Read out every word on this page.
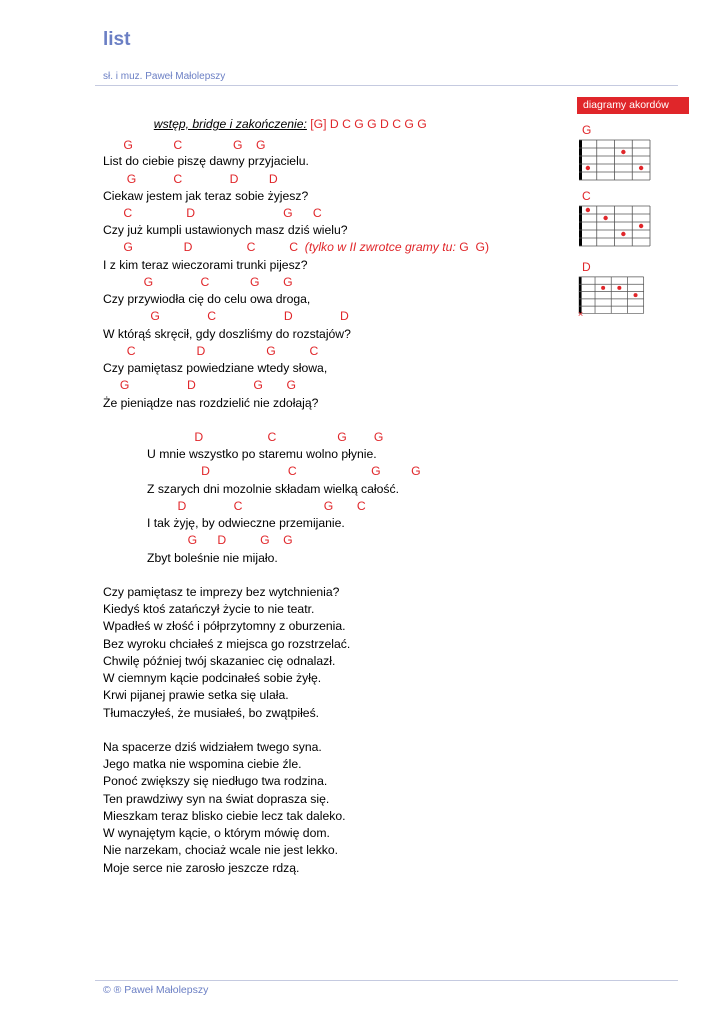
list
sł. i muz. Paweł Małolepszy

wstęp, bridge i zakończenie: [G] D C G G D C G G

G            C               G    G
List do ciebie piszę dawny przyjacielu.
G           C              D         D
Ciekaw jestem jak teraz sobie żyjesz?
C                D                          G      C
Czy już kumpli ustawionych masz dziś wielu?
G               D                C          C  (tylko w II zwrotce gramy tu: G  G)
I z kim teraz wieczorami trunki pijesz?
G              C            G       G
Czy przywiodła cię do celu owa droga,
G              C                    D              D
W którąś skręcił, gdy doszliśmy do rozstajów?
C                  D                  G          C
Czy pamiętasz powiedziane wtedy słowa,
G                 D                 G       G
Że pieniądze nas rozdzielić nie zdołają?
D                   C                  G        G
U mnie wszystko po staremu wolno płynie.
D                       C                      G         G
Z szarych dni mozolnie składam wielką całość.
D              C                        G       C
I tak żyję, by odwieczne przemijanie.
G      D          G    G
Zbyt boleśnie nie mijało.
Czy pamiętasz te imprezy bez wytchnienia?
Kiedyś ktoś zatańczył życie to nie teatr.
Wpadłeś w złość i półprzytomny z oburzenia.
Bez wyroku chciałeś z miejsca go rozstrzelać.
Chwilę później twój skazaniec cię odnalazł.
W ciemnym kącie podcinałeś sobie żyłę.
Krwi pijanej prawie setka się ulała.
Tłumaczyłeś, że musiałeś, bo zwątpiłeś.
Na spacerze dziś widziałem twego syna.
Jego matka nie wspomina ciebie źle.
Ponoć zwiększy się niedługo twa rodzina.
Ten prawdziwy syn na świat doprasza się.
Mieszkam teraz blisko ciebie lecz tak daleko.
W wynajętym kącie, o którym mówię dom.
Nie narzekam, chociaż wcale nie jest lekko.
Moje serce nie zarosło jeszcze rdzą.
diagramy akordów
G
C
D
×
© ® Paweł Małolepszy
